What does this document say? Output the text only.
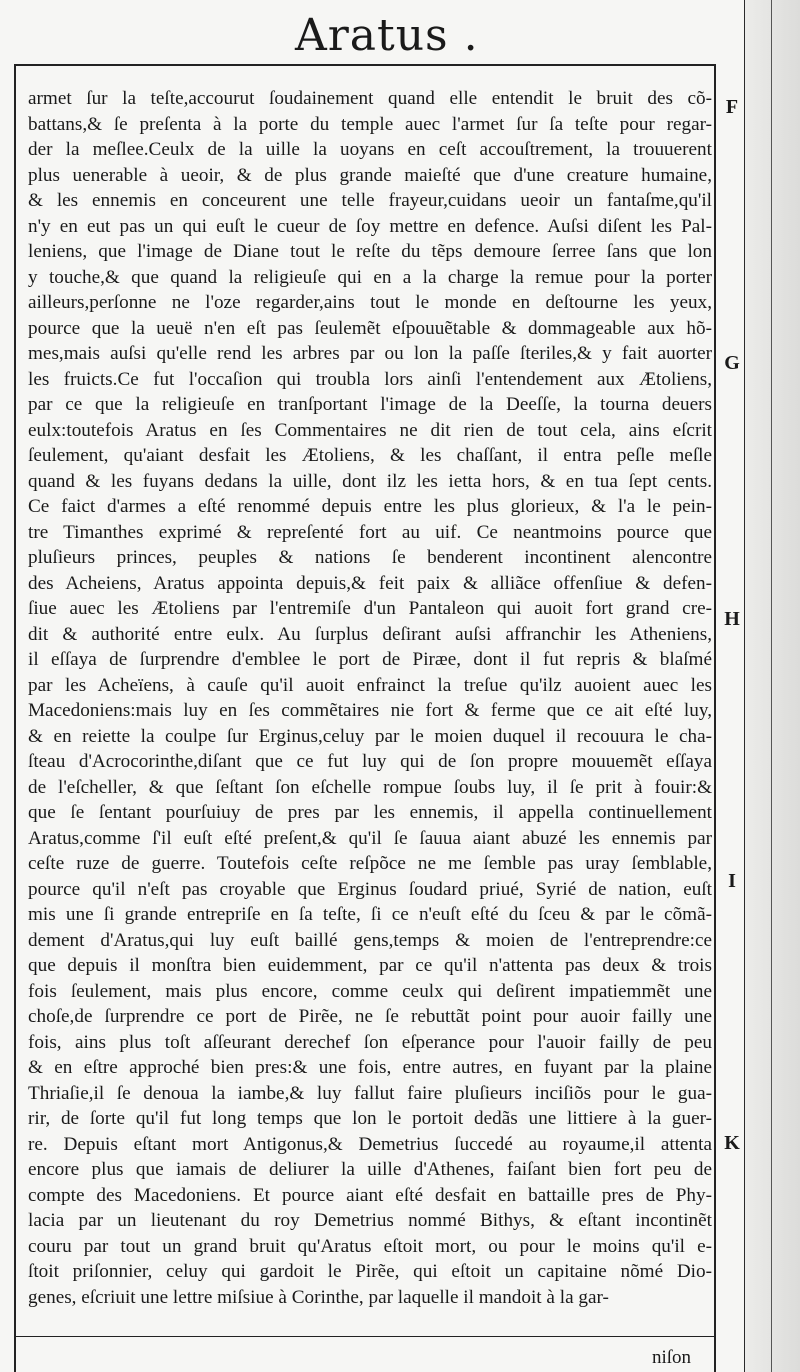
Aratus .
armet ſur la teſte,accourut ſoudainement quand elle entendit le bruit des cõ-
battans,& ſe preſenta à la porte du temple auec l'armet ſur ſa teſte pour regar-
der la meſlee.Ceulx de la uille la uoyans en ceſt accouſtrement, la trouuerent
plus uenerable à ueoir, & de plus grande maieſté que d'une creature humaine,
& les ennemis en conceurent une telle frayeur,cuidans ueoir un fantaſme,qu'il
n'y en eut pas un qui euſt le cueur de ſoy mettre en defence. Auſsi diſent les Pal-
leniens, que l'image de Diane tout le reſte du tẽps demoure ſerree ſans que lon
y touche,& que quand la religieuſe qui en a la charge la remue pour la porter
ailleurs,perſonne ne l'oze regarder,ains tout le monde en deſtourne les yeux,
pource que la ueuë n'en eſt pas ſeulemẽt eſpouuẽtable & dommageable aux hõ-
mes,mais auſsi qu'elle rend les arbres par ou lon la paſſe ſteriles,& y fait auorter
les fruicts.Ce fut l'occaſion qui troubla lors ainſi l'entendement aux Ætoliens,
par ce que la religieuſe en tranſportant l'image de la Deeſſe, la tourna deuers
eulx:toutefois Aratus en ſes Commentaires ne dit rien de tout cela, ains eſcrit
ſeulement, qu'aiant desfait les Ætoliens, & les chaſſant, il entra peſle meſle
quand & les fuyans dedans la uille, dont ilz les ietta hors, & en tua ſept cents.
Ce faict d'armes a eſté renommé depuis entre les plus glorieux, & l'a le pein-
tre Timanthes exprimé & repreſenté fort au uif. Ce neantmoins pource que
pluſieurs princes, peuples & nations ſe benderent incontinent alencontre
des Acheiens, Aratus appointa depuis,& feit paix & alliãce offenſiue & defen-
ſiue auec les Ætoliens par l'entremiſe d'un Pantaleon qui auoit fort grand cre-
dit & authorité entre eulx. Au ſurplus deſirant auſsi affranchir les Atheniens,
il eſſaya de ſurprendre d'emblee le port de Piræe, dont il fut repris & blaſmé
par les Acheïens, à cauſe qu'il auoit enfrainct la treſue qu'ilz auoient auec les
Macedoniens:mais luy en ſes commẽtaires nie fort & ferme que ce ait eſté luy,
& en reiette la coulpe ſur Erginus,celuy par le moien duquel il recouura le cha-
ſteau d'Acrocorinthe,diſant que ce fut luy qui de ſon propre mouuemẽt eſſaya
de l'eſcheller, & que ſeſtant ſon eſchelle rompue ſoubs luy, il ſe prit à fouir:&
que ſe ſentant pourſuiuy de pres par les ennemis, il appella continuellement
Aratus,comme ſ'il euſt eſté preſent,& qu'il ſe ſauua aiant abuzé les ennemis par
ceſte ruze de guerre. Toutefois ceſte reſpõce ne me ſemble pas uray ſemblable,
pource qu'il n'eſt pas croyable que Erginus ſoudard priué, Syrié de nation, euſt
mis une ſi grande entrepriſe en ſa teſte, ſi ce n'euſt eſté du ſceu & par le cõmã-
dement d'Aratus,qui luy euſt baillé gens,temps & moien de l'entreprendre:ce
que depuis il monſtra bien euidemment, par ce qu'il n'attenta pas deux & trois
fois ſeulement, mais plus encore, comme ceulx qui deſirent impatiemmẽt une
choſe,de ſurprendre ce port de Pirẽe, ne ſe rebuttãt point pour auoir failly une
fois, ains plus toſt aſſeurant derechef ſon eſperance pour l'auoir failly de peu
& en eſtre approché bien pres:& une fois, entre autres, en fuyant par la plaine
Thriaſie,il ſe denoua la iambe,& luy fallut faire pluſieurs inciſiõs pour le gua-
rir, de ſorte qu'il fut long temps que lon le portoit dedãs une littiere à la guer-
re. Depuis eſtant mort Antigonus,& Demetrius ſuccedé au royaume,il attenta
encore plus que iamais de deliurer la uille d'Athenes, faiſant bien fort peu de
compte des Macedoniens. Et pource aiant eſté desfait en battaille pres de Phy-
lacia par un lieutenant du roy Demetrius nommé Bithys, & eſtant incontinẽt
couru par tout un grand bruit qu'Aratus eſtoit mort, ou pour le moins qu'il e-
ſtoit priſonnier, celuy qui gardoit le Pirẽe, qui eſtoit un capitaine nõmé Dio-
genes, eſcriuit une lettre miſsiue à Corinthe, par laquelle il mandoit à la gar-
F
G
H
I
K
niſon
